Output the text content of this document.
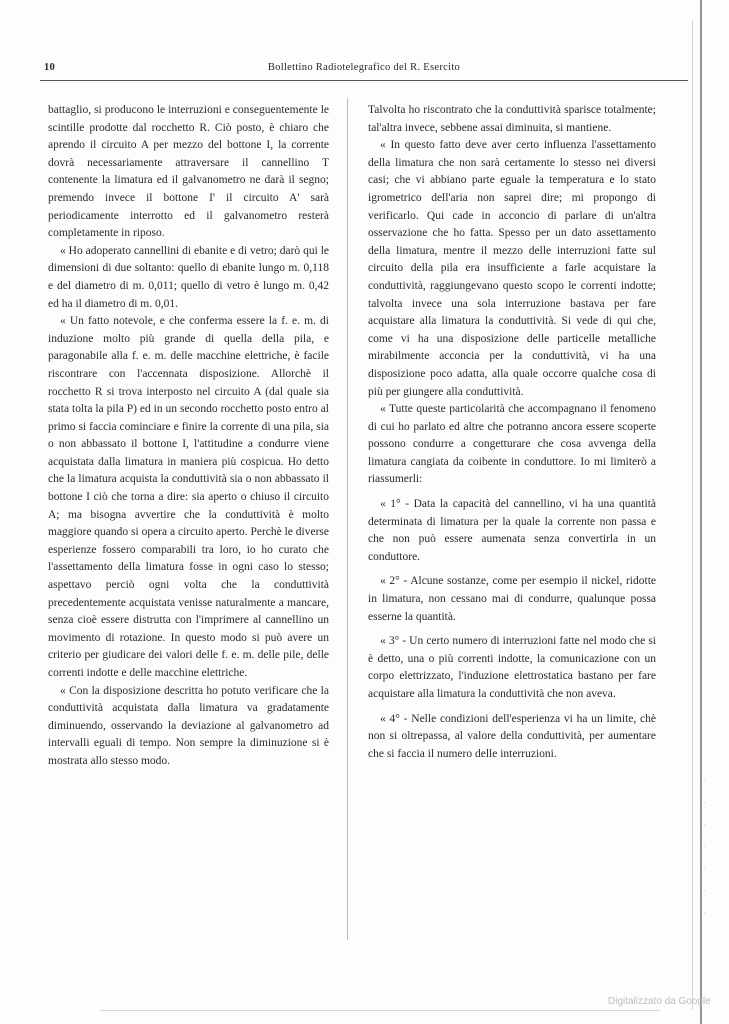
10	Bollettino Radiotelegrafico del R. Esercito

battaglio, si producono le interruzioni e conseguentemente le scintille prodotte dal rocchetto R. Ciò posto, è chiaro che aprendo il circuito A per mezzo del bottone I, la corrente dovrà necessariamente attraversare il cannellino T contenente la limatura ed il galvanometro ne darà il segno; premendo invece il bottone I' il circuito A' sarà periodicamente interrotto ed il galvanometro resterà completamente in riposo.

« Ho adoperato cannellini di ebanite e di vetro; darò qui le dimensioni di due soltanto: quello di ebanite lungo m. 0,118 e del diametro di m. 0,011; quello di vetro è lungo m. 0,42 ed ha il diametro di m. 0,01.

« Un fatto notevole, e che conferma essere la f. e. m. di induzione molto più grande di quella della pila, e paragonabile alla f. e. m. delle macchine elettriche, è facile riscontrare con l'accennata disposizione. Allorchè il rocchetto R si trova interposto nel circuito A (dal quale sia stata tolta la pila P) ed in un secondo rocchetto posto entro al primo si faccia cominciare e finire la corrente di una pila, sia o non abbassato il bottone I, l'attitudine a condurre viene acquistata dalla limatura in maniera più cospicua. Ho detto che la limatura acquista la conduttività sia o non abbassato il bottone I ciò che torna a dire: sia aperto o chiuso il circuito A; ma bisogna avvertire che la conduttività è molto maggiore quando si opera a circuito aperto. Perchè le diverse esperienze fossero comparabili tra loro, io ho curato che l'assettamento della limatura fosse in ogni caso lo stesso; aspettavo perciò ogni volta che la conduttività precedentemente acquistata venisse naturalmente a mancare, senza cioè essere distrutta con l'imprimere al cannellino un movimento di rotazione. In questo modo si può avere un criterio per giudicare dei valori delle f. e. m. delle pile, delle correnti indotte e delle macchine elettriche.

« Con la disposizione descritta ho potuto verificare che la conduttività acquistata dalla limatura va gradatamente diminuendo, osservando la deviazione al galvanometro ad intervalli eguali di tempo. Non sempre la diminuzione si è mostrata allo stesso modo.

Talvolta ho riscontrato che la conduttività sparisce totalmente; tal'altra invece, sebbene assai diminuita, si mantiene.

« In questo fatto deve aver certo influenza l'assettamento della limatura che non sarà certamente lo stesso nei diversi casi; che vi abbiano parte eguale la temperatura e lo stato igrometrico dell'aria non saprei dire; mi propongo di verificarlo. Qui cade in acconcio di parlare di un'altra osservazione che ho fatta. Spesso per un dato assettamento della limatura, mentre il mezzo delle interruzioni fatte sul circuito della pila era insufficiente a farle acquistare la conduttività, raggiungevano questo scopo le correnti indotte; talvolta invece una sola interruzione bastava per fare acquistare alla limatura la conduttività. Si vede di qui che, come vi ha una disposizione delle particelle metalliche mirabilmente acconcia per la conduttività, vi ha una disposizione poco adatta, alla quale occorre qualche cosa di più per giungere alla conduttività.

« Tutte queste particolarità che accompagnano il fenomeno di cui ho parlato ed altre che potranno ancora essere scoperte possono condurre a congetturare che cosa avvenga della limatura cangiata da coibente in conduttore. Io mi limiterò a riassumerli:

« 1° - Data la capacità del cannellino, vi ha una quantità determinata di limatura per la quale la corrente non passa e che non può essere aumenata senza convertirla in un conduttore.

« 2° - Alcune sostanze, come per esempio il nickel, ridotte in limatura, non cessano mai di condurre, qualunque possa esserne la quantità.

« 3° - Un certo numero di interruzioni fatte nel modo che si è detto, una o più correnti indotte, la comunicazione con un corpo elettrizzato, l'induzione elettrostatica bastano per fare acquistare alla limatura la conduttività che non aveva.

« 4° - Nelle condizioni dell'esperienza vi ha un limite, chè non si oltrepassa, al valore della conduttività, per aumentare che si faccia il numero delle interruzioni.

·
·
·
·
·
·
·
Digitalizzato da Google
